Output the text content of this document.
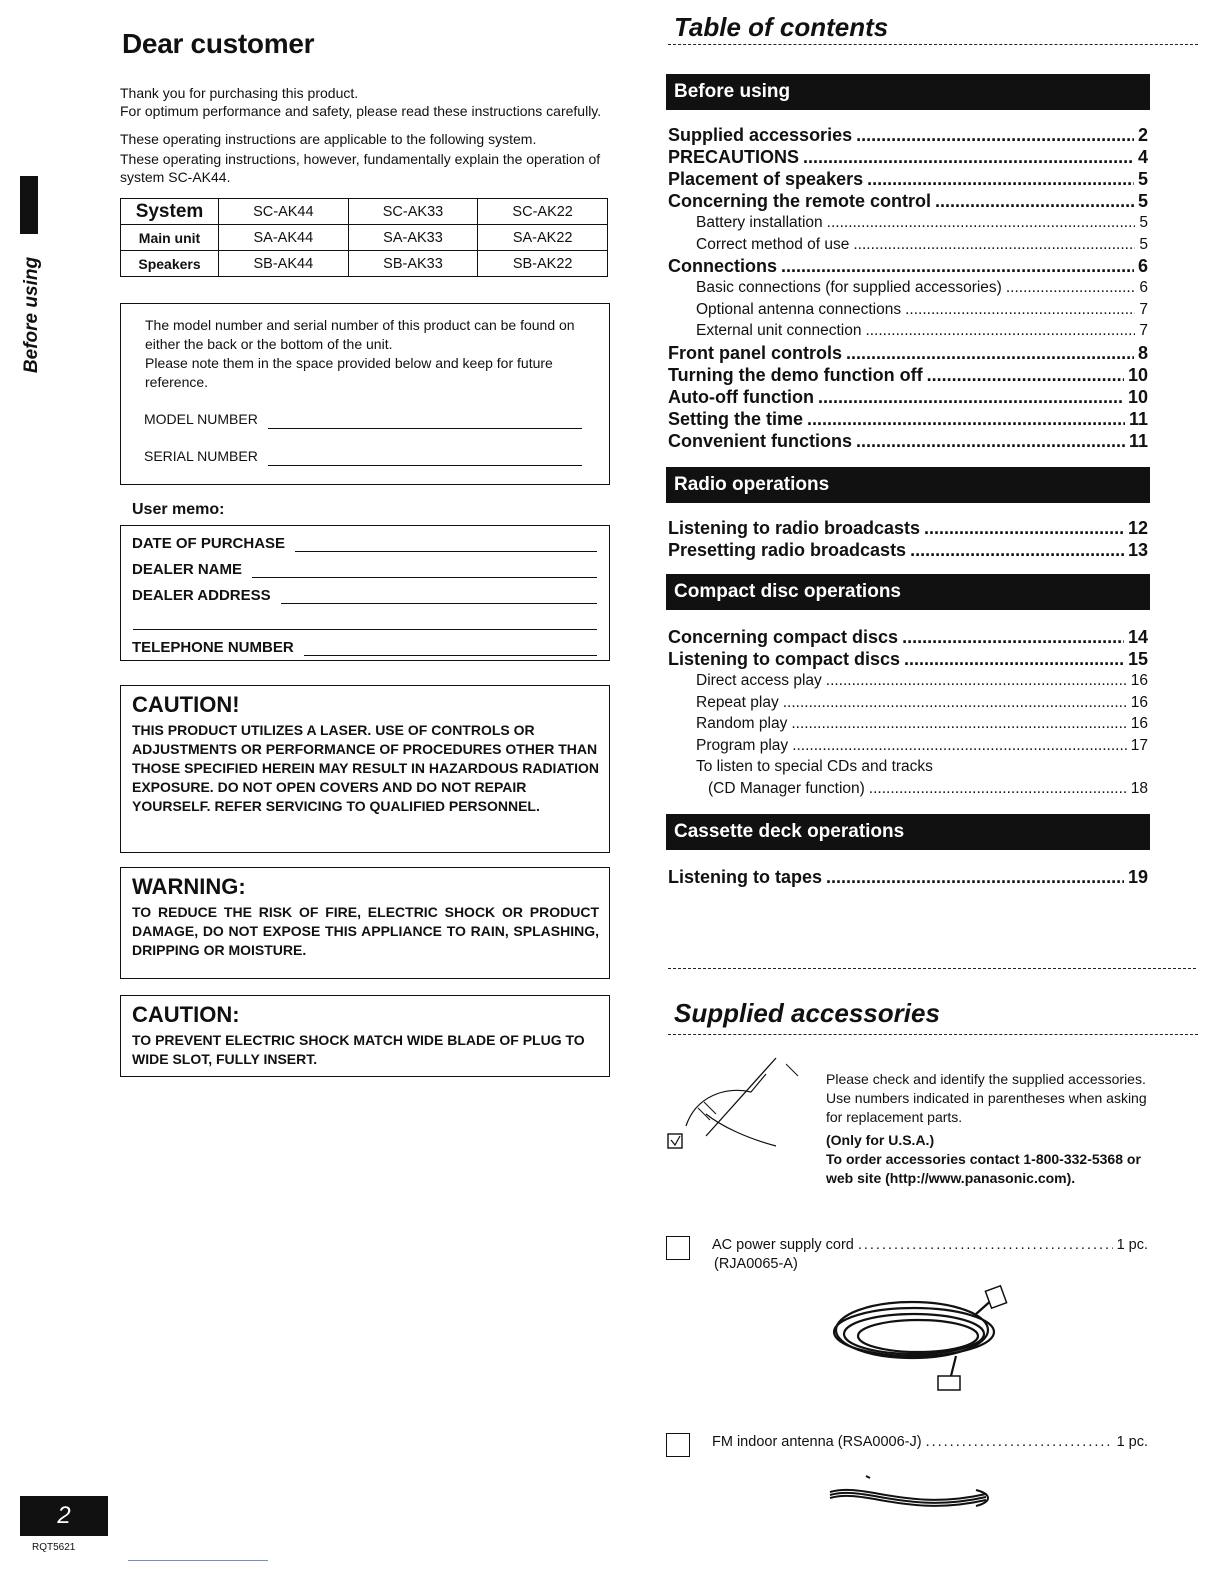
Before using
Dear customer

Thank you for purchasing this product.
For optimum performance and safety, please read these instructions carefully.

These operating instructions are applicable to the following system.

These operating instructions, however, fundamentally explain the operation of system SC-AK44.

System	SC-AK44	SC-AK33	SC-AK22
Main unit	SA-AK44	SA-AK33	SA-AK22
Speakers	SB-AK44	SB-AK33	SB-AK22

The model number and serial number of this product can be found on either the back or the bottom of the unit.

Please note them in the space provided below and keep for future reference.

MODEL NUMBER
SERIAL NUMBER
User memo:
DATE OF PURCHASE
DEALER NAME
DEALER ADDRESS
TELEPHONE NUMBER
CAUTION!

THIS PRODUCT UTILIZES A LASER. USE OF CONTROLS OR ADJUSTMENTS OR PERFORMANCE OF PROCEDURES OTHER THAN THOSE SPECIFIED HEREIN MAY RESULT IN HAZARDOUS RADIATION EXPOSURE. DO NOT OPEN COVERS AND DO NOT REPAIR YOURSELF. REFER SERVICING TO QUALIFIED PERSONNEL.

WARNING:

TO REDUCE THE RISK OF FIRE, ELECTRIC SHOCK OR PRODUCT DAMAGE, DO NOT EXPOSE THIS APPLIANCE TO RAIN, SPLASHING, DRIPPING OR MOISTURE.

CAUTION:

TO PREVENT ELECTRIC SHOCK MATCH WIDE BLADE OF PLUG TO WIDE SLOT, FULLY INSERT.

2
RQT5621
Table of contents
Before using
Supplied accessories .....	2
PRECAUTIONS .....	4
Placement of speakers .....	5
Concerning the remote control .....	5
Battery installation .....	5
Correct method of use .....	5
Connections .....	6
Basic connections (for supplied accessories) .....	6
Optional antenna connections .....	7
External unit connection .....	7
Front panel controls .....	8
Turning the demo function off .....	10
Auto-off function .....	10
Setting the time .....	11
Convenient functions .....	11
Radio operations
Listening to radio broadcasts .....	12
Presetting radio broadcasts .....	13
Compact disc operations
Concerning compact discs .....	14
Listening to compact discs .....	15
Direct access play .....	16
Repeat play .....	16
Random play .....	16
Program play .....	17
To listen to special CDs and tracks
(CD Manager function) .....	18
Cassette deck operations
Listening to tapes .....	19
Supplied accessories

Please check and identify the supplied accessories.

Use numbers indicated in parentheses when asking for replacement parts.

(Only for U.S.A.)

To order accessories contact 1-800-332-5368 or web site (http://www.panasonic.com).

AC power supply cord .....	1 pc.
(RJA0065-A)
FM indoor antenna (RSA0006-J) .....	1 pc.
